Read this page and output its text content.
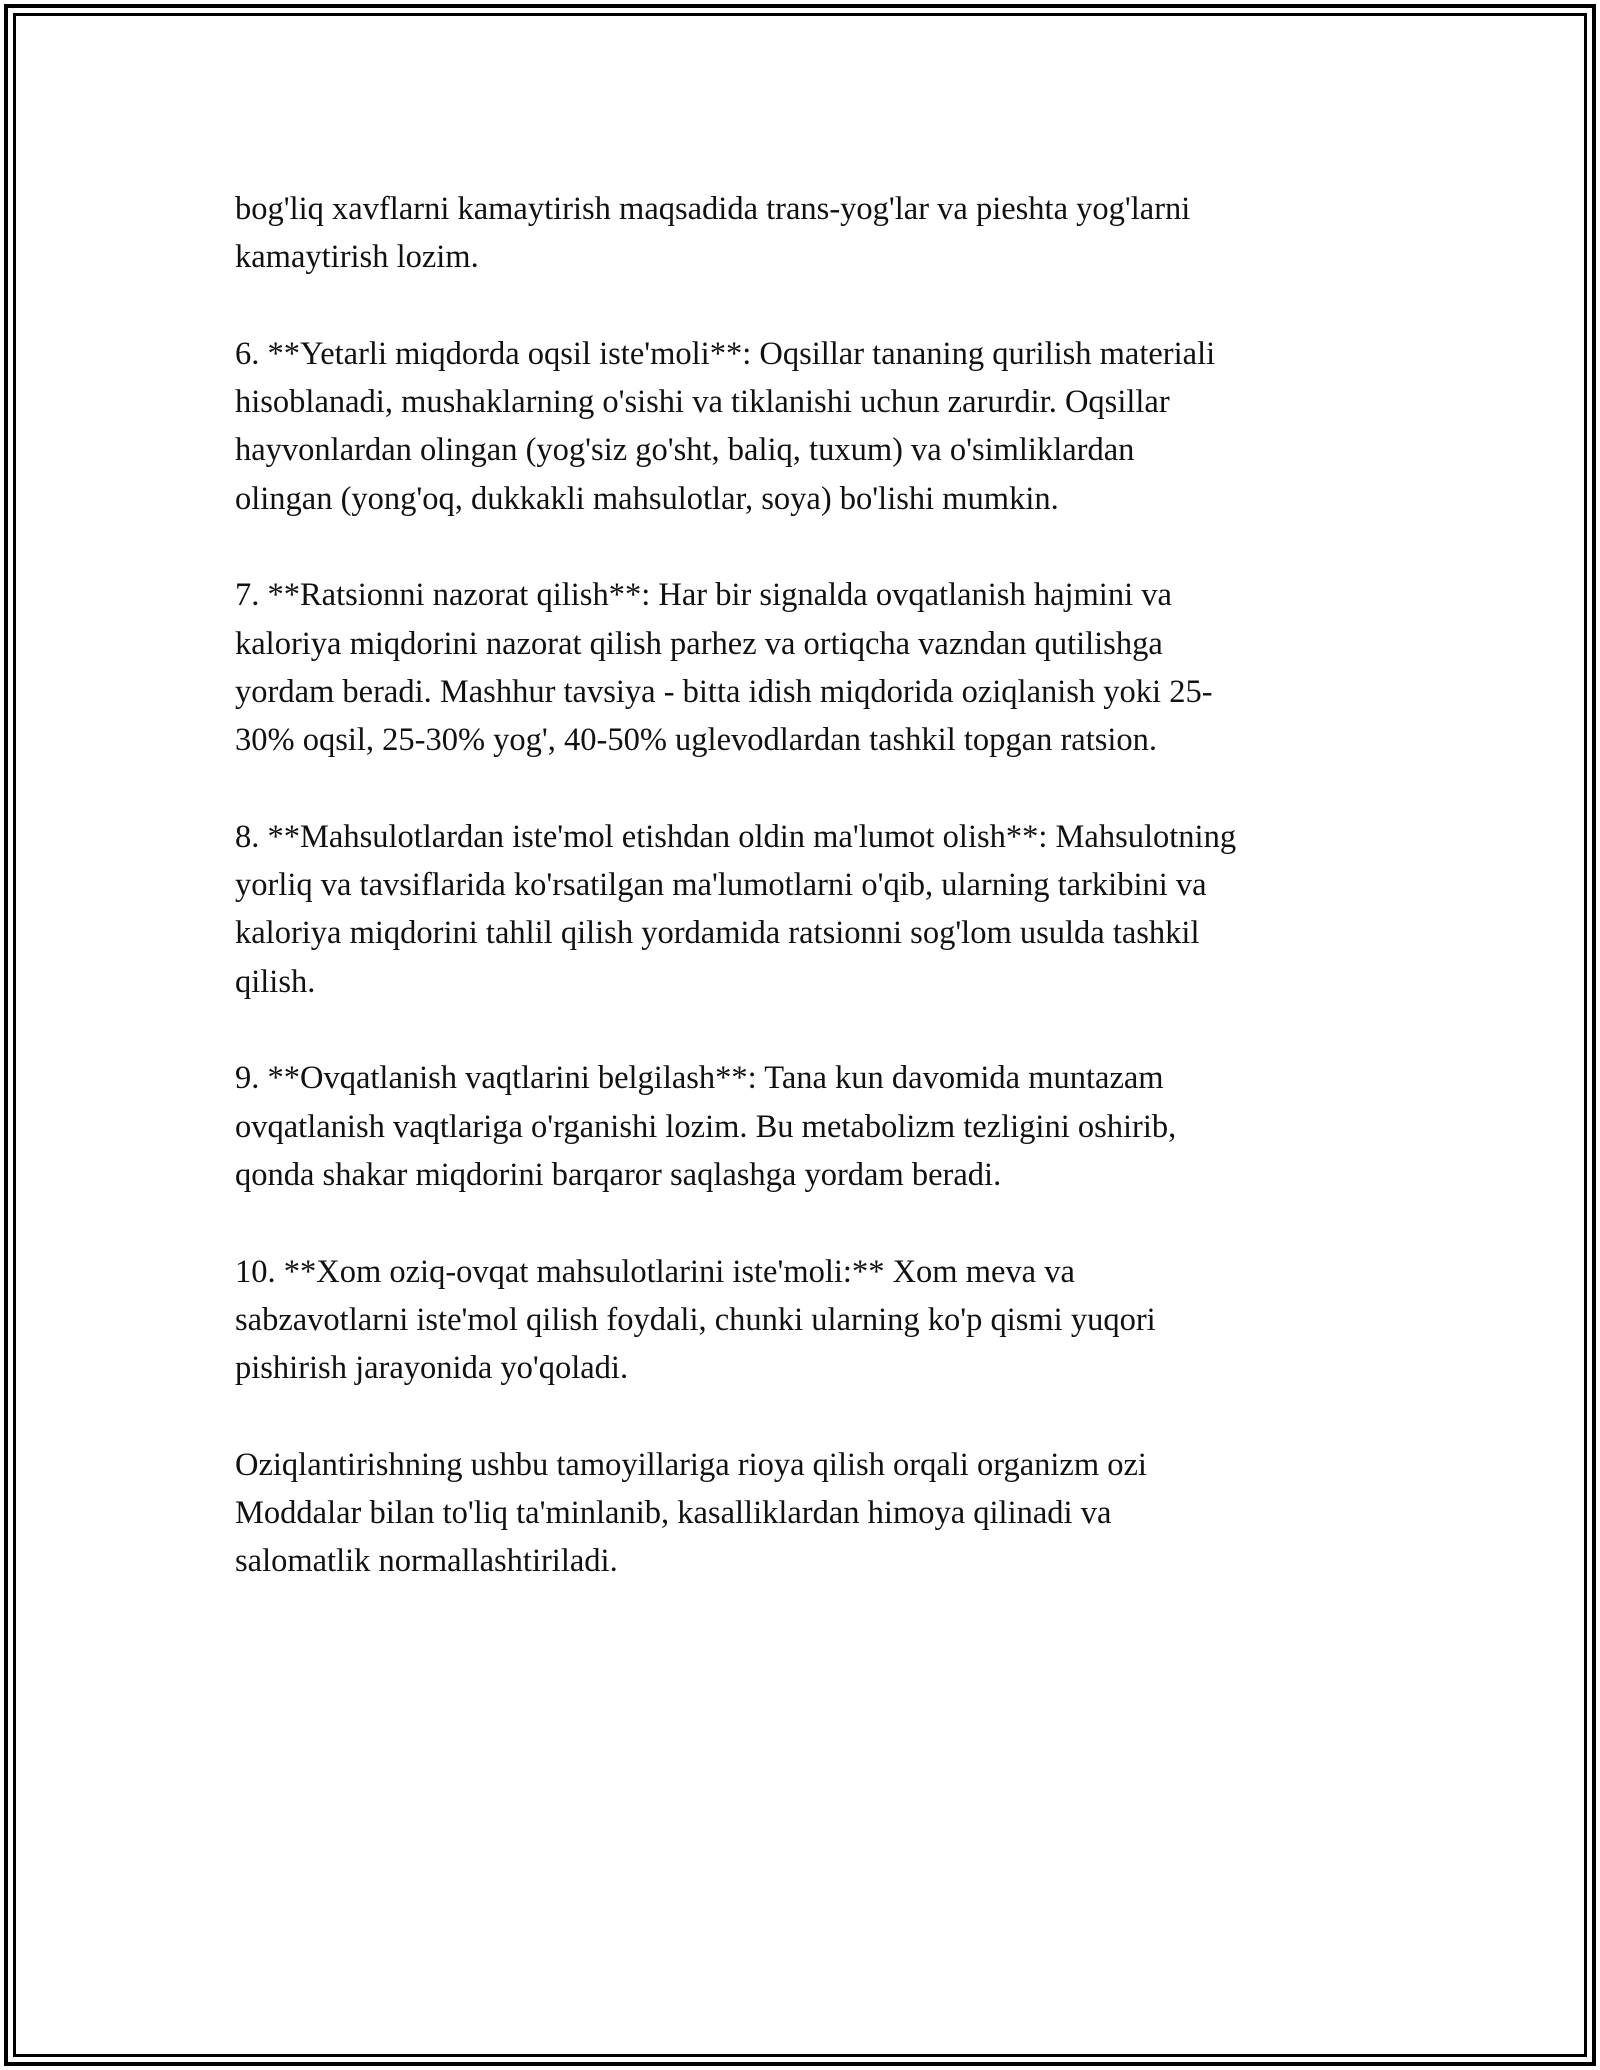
bog'liq xavflarni kamaytirish maqsadida trans-yog'lar va pieshta yog'larni
kamaytirish lozim.

6. **Yetarli miqdorda oqsil iste'moli**: Oqsillar tananing qurilish materiali
hisoblanadi, mushaklarning o'sishi va tiklanishi uchun zarurdir. Oqsillar
hayvonlardan olingan (yog'siz go'sht, baliq, tuxum) va o'simliklardan
olingan (yong'oq, dukkakli mahsulotlar, soya) bo'lishi mumkin.

7. **Ratsionni nazorat qilish**: Har bir signalda ovqatlanish hajmini va
kaloriya miqdorini nazorat qilish parhez va ortiqcha vazndan qutilishga
yordam beradi. Mashhur tavsiya - bitta idish miqdorida oziqlanish yoki 25-
30% oqsil, 25-30% yog', 40-50% uglevodlardan tashkil topgan ratsion.

8. **Mahsulotlardan iste'mol etishdan oldin ma'lumot olish**: Mahsulotning
yorliq va tavsiflarida ko'rsatilgan ma'lumotlarni o'qib, ularning tarkibini va
kaloriya miqdorini tahlil qilish yordamida ratsionni sog'lom usulda tashkil
qilish.

9. **Ovqatlanish vaqtlarini belgilash**: Tana kun davomida muntazam
ovqatlanish vaqtlariga o'rganishi lozim. Bu metabolizm tezligini oshirib,
qonda shakar miqdorini barqaror saqlashga yordam beradi.

10. **Xom oziq-ovqat mahsulotlarini iste'moli:** Xom meva va
sabzavotlarni iste'mol qilish foydali, chunki ularning ko'p qismi yuqori
pishirish jarayonida yo'qoladi.

Oziqlantirishning ushbu tamoyillariga rioya qilish orqali organizm ozi
Moddalar bilan to'liq ta'minlanib, kasalliklardan himoya qilinadi va
salomatlik normallashtiriladi.
